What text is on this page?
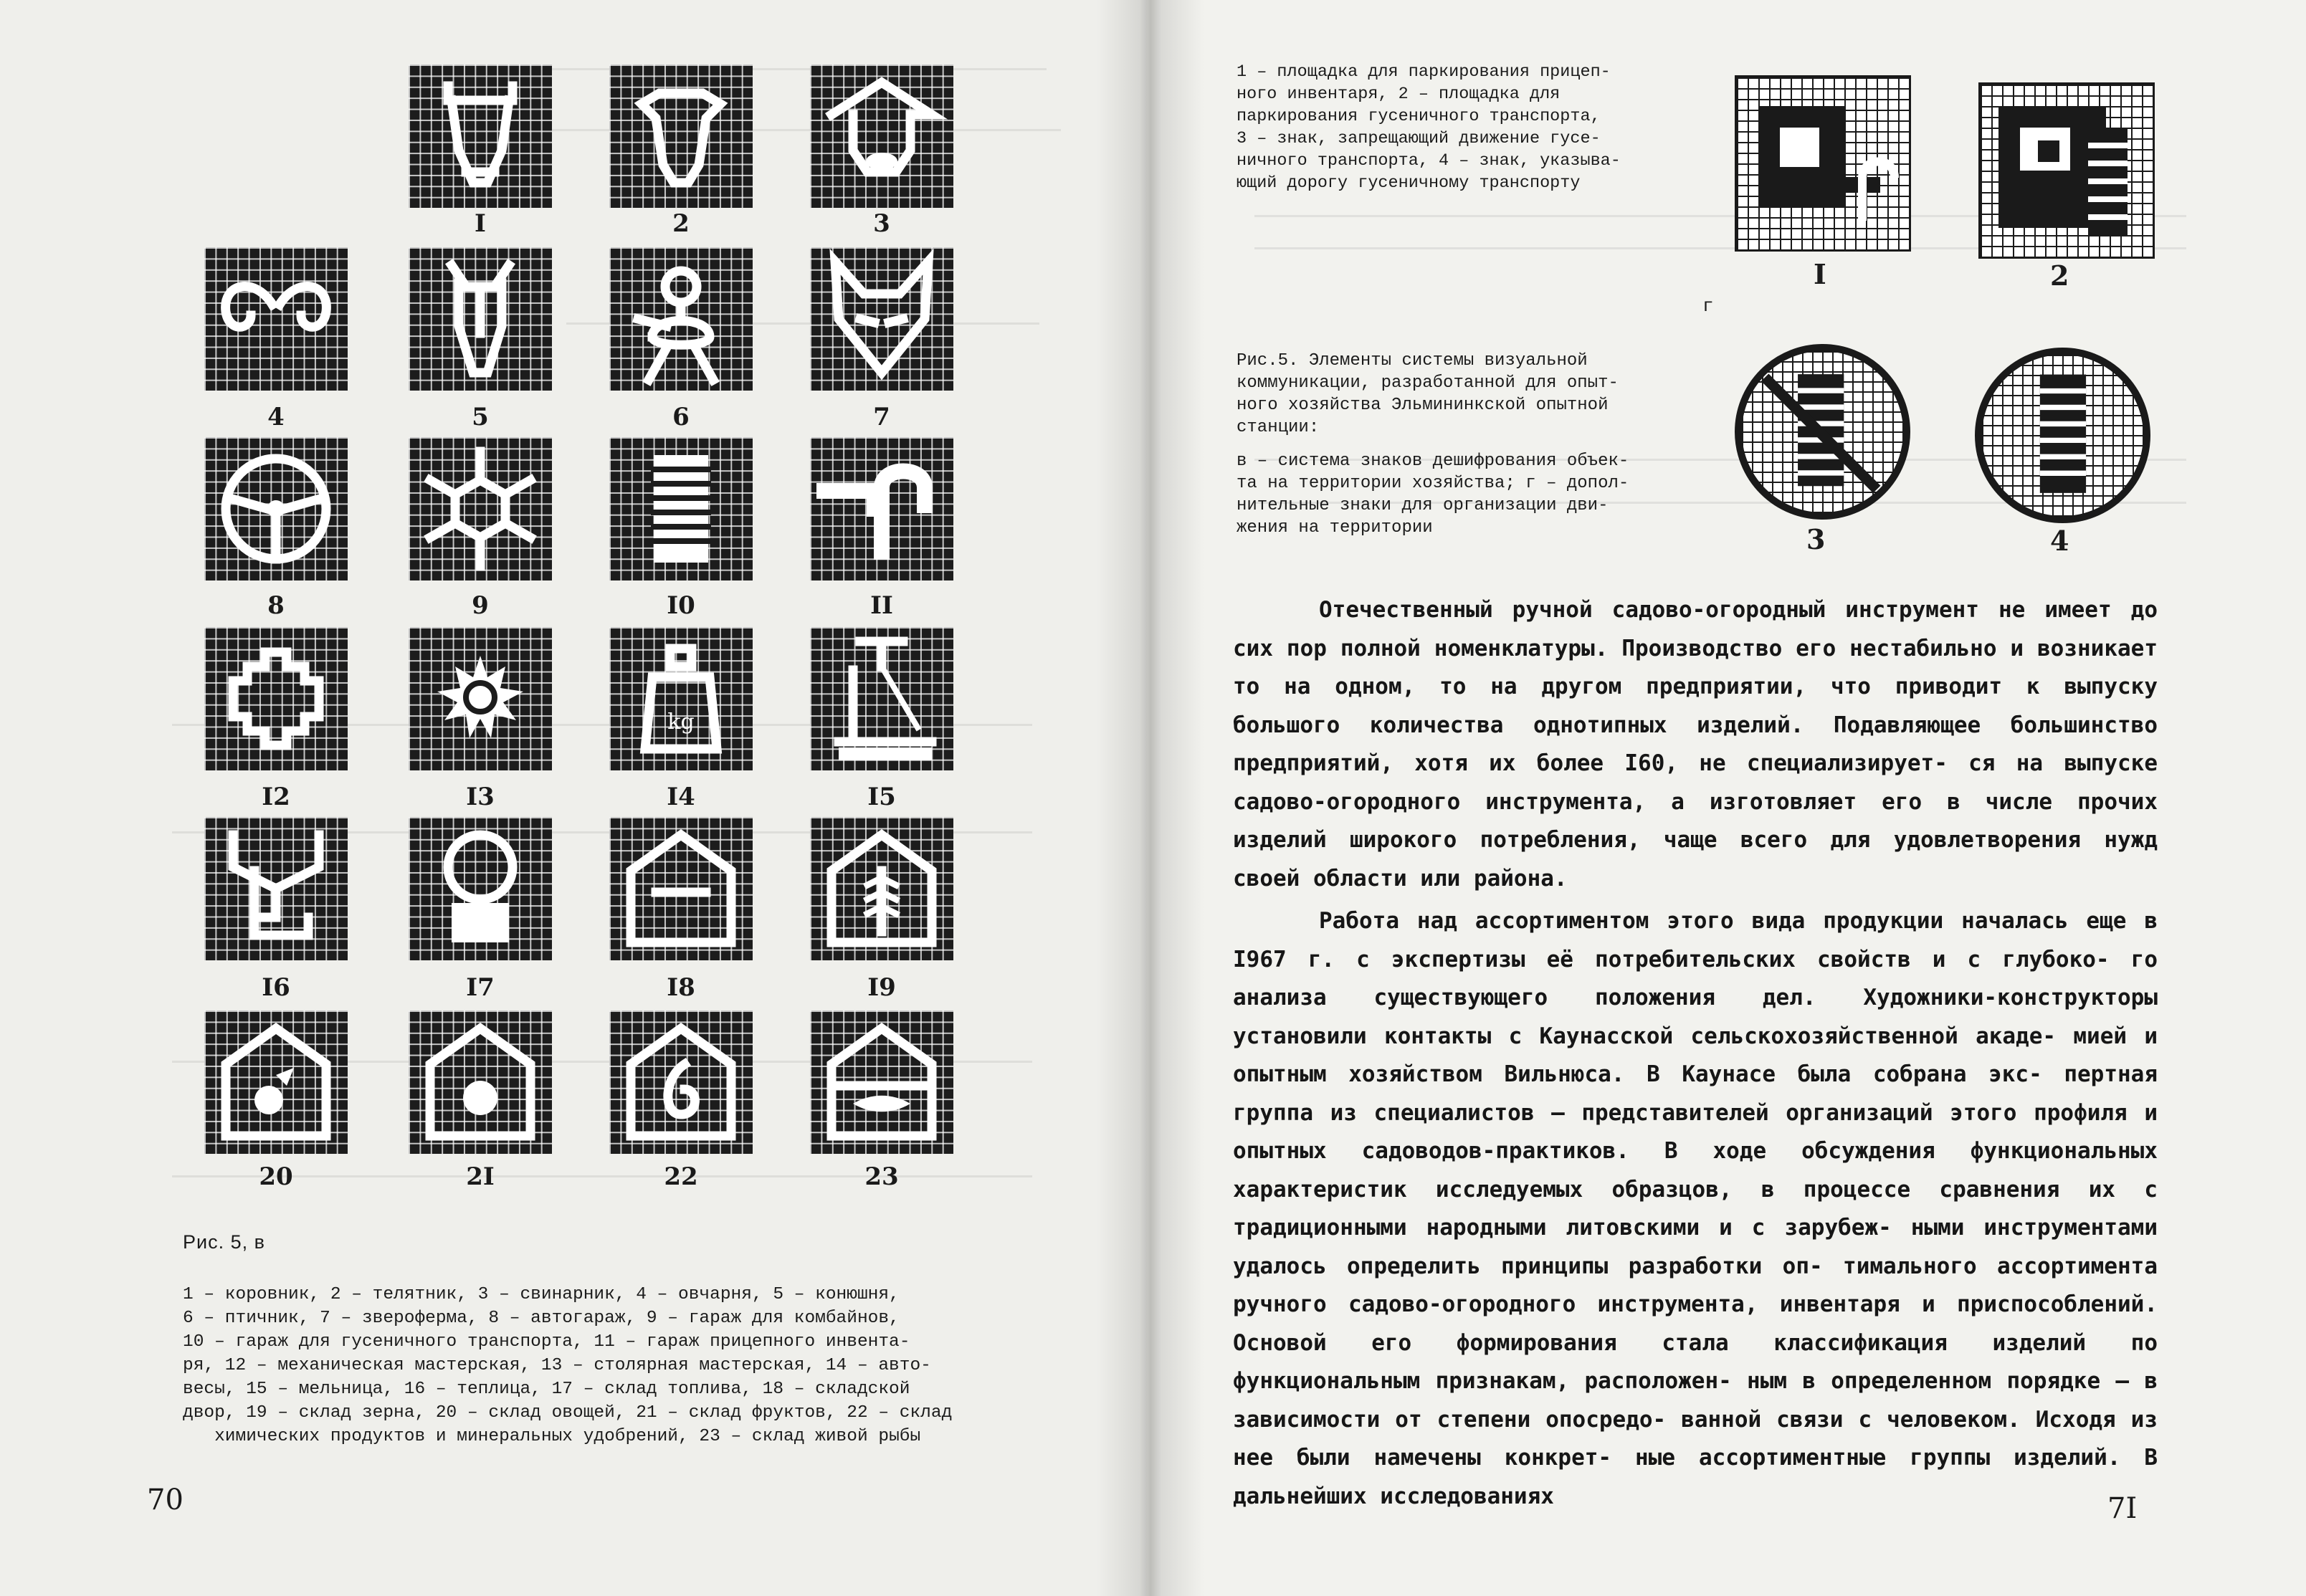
I	2	3
4	5	6	7
8	9	I0	II
I2	I3
kg
I4	I5
I6	I7	I8	I9
20	2I	22	23
Рис. 5, в
1 – коровник, 2 – телятник, 3 – свинарник, 4 – овчарня, 5 – конюшня,
6 – птичник, 7 – звероферма, 8 – автогараж, 9 – гараж для комбайнов,
10 – гараж для гусеничного транспорта, 11 – гараж прицепного инвента-
ря, 12 – механическая мастерская, 13 – столярная мастерская, 14 – авто-
весы, 15 – мельница, 16 – теплица, 17 – склад топлива, 18 – складской
двор, 19 – склад зерна, 20 – склад овощей, 21 – склад фруктов, 22 – склад
химических продуктов и минеральных удобрений, 23 – склад живой рыбы
70
1 – площадка для паркирования прицеп-
ного инвентаря, 2 – площадка для
паркирования гусеничного транспорта,
3 – знак, запрещающий движение гусе-
ничного транспорта, 4 – знак, указыва-
ющий дорогу гусеничному транспорту
I	2
г
3	4
Рис.5. Элементы системы визуальной
коммуникации, разработанной для опыт-
ного хозяйства Эльмининкской опытной
станции:
в – система знаков дешифрования объек-
та на территории хозяйства; г – допол-
нительные знаки для организации дви-
жения на территории

Отечественный ручной садово-огородный инструмент не имеет до сих пор полной номенклатуры. Производство его нестабильно и возникает то на одном, то на другом предприятии, что приводит к выпуску большого количества однотипных изделий. Подавляющее большинство предприятий, хотя их более I60, не специализирует- ся на выпуске садово-огородного инструмента, а изготовляет его в числе прочих изделий широкого потребления, чаще всего для удовлетворения нужд своей области или района.

Работа над ассортиментом этого вида продукции началась еще в I967 г. с экспертизы её потребительских свойств и с глубоко- го анализа существующего положения дел. Художники-конструкторы установили контакты с Каунасской сельскохозяйственной акаде- мией и опытным хозяйством Вильнюса. В Каунасе была собрана экс- пертная группа из специалистов – представителей организаций этого профиля и опытных садоводов-практиков. В ходе обсуждения функциональных характеристик исследуемых образцов, в процессе сравнения их с традиционными народными литовскими и с зарубеж- ными инструментами удалось определить принципы разработки оп- тимального ассортимента ручного садово-огородного инструмента, инвентаря и приспособлений. Основой его формирования стала классификация изделий по функциональным признакам, расположен- ным в определенном порядке – в зависимости от степени опосредо- ванной связи с человеком. Исходя из нее были намечены конкрет- ные ассортиментные группы изделий. В дальнейших исследованиях	7I
